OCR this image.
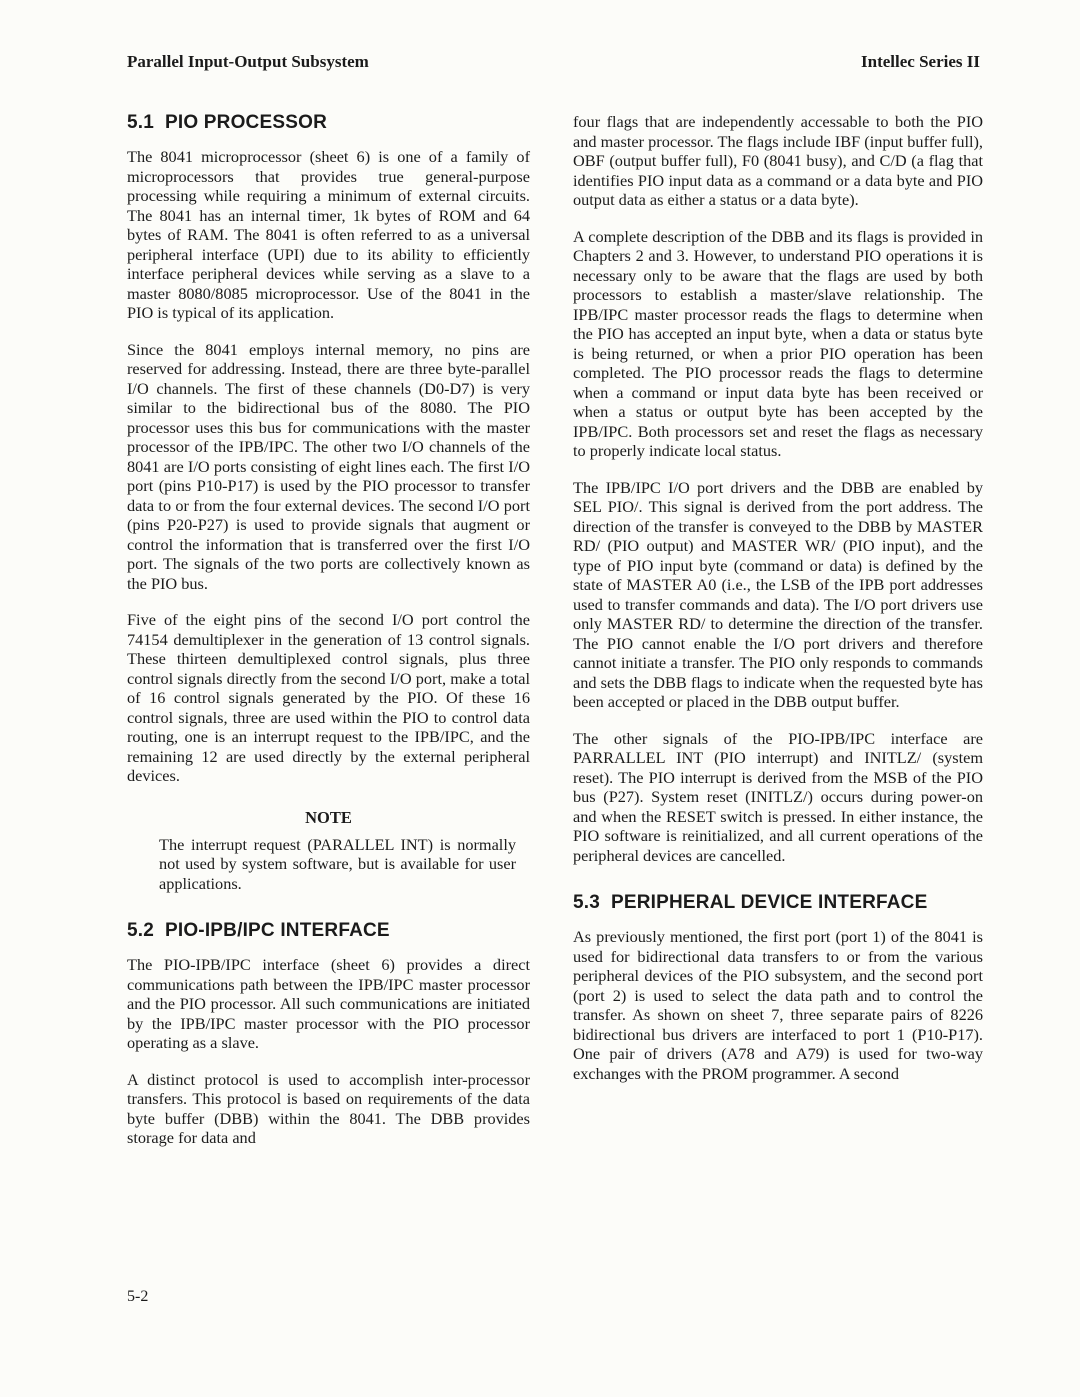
Parallel Input-Output Subsystem	Intellec Series II
5.1  PIO PROCESSOR

The 8041 microprocessor (sheet 6) is one of a family of microprocessors that provides true general-purpose processing while requiring a minimum of external circuits. The 8041 has an internal timer, 1k bytes of ROM and 64 bytes of RAM. The 8041 is often referred to as a universal peripheral interface (UPI) due to its ability to efficiently interface peripheral devices while serving as a slave to a master 8080/8085 microprocessor. Use of the 8041 in the PIO is typical of its application.

Since the 8041 employs internal memory, no pins are reserved for addressing. Instead, there are three byte-parallel I/O channels. The first of these channels (D0-D7) is very similar to the bidirectional bus of the 8080. The PIO processor uses this bus for communications with the master processor of the IPB/IPC. The other two I/O channels of the 8041 are I/O ports consisting of eight lines each. The first I/O port (pins P10-P17) is used by the PIO processor to transfer data to or from the four external devices. The second I/O port (pins P20-P27) is used to provide signals that augment or control the information that is transferred over the first I/O port. The signals of the two ports are collectively known as the PIO bus.

Five of the eight pins of the second I/O port control the 74154 demultiplexer in the generation of 13 control signals. These thirteen demultiplexed control signals, plus three control signals directly from the second I/O port, make a total of 16 control signals generated by the PIO. Of these 16 control signals, three are used within the PIO to control data routing, one is an interrupt request to the IPB/IPC, and the remaining 12 are used directly by the external peripheral devices.

NOTE

The interrupt request (PARALLEL INT) is normally not used by system software, but is available for user applications.

5.2  PIO-IPB/IPC INTERFACE

The PIO-IPB/IPC interface (sheet 6) provides a direct communications path between the IPB/IPC master processor and the PIO processor. All such communications are initiated by the IPB/IPC master processor with the PIO processor operating as a slave.

A distinct protocol is used to accomplish inter-processor transfers. This protocol is based on requirements of the data byte buffer (DBB) within the 8041. The DBB provides storage for data and

four flags that are independently accessable to both the PIO and master processor. The flags include IBF (input buffer full), OBF (output buffer full), F0 (8041 busy), and C/D (a flag that identifies PIO input data as a command or a data byte and PIO output data as either a status or a data byte).

A complete description of the DBB and its flags is provided in Chapters 2 and 3. However, to understand PIO operations it is necessary only to be aware that the flags are used by both processors to establish a master/slave relationship. The IPB/IPC master processor reads the flags to determine when the PIO has accepted an input byte, when a data or status byte is being returned, or when a prior PIO operation has been completed. The PIO processor reads the flags to determine when a command or input data byte has been received or when a status or output byte has been accepted by the IPB/IPC. Both processors set and reset the flags as necessary to properly indicate local status.

The IPB/IPC I/O port drivers and the DBB are enabled by SEL PIO/. This signal is derived from the port address. The direction of the transfer is conveyed to the DBB by MASTER RD/ (PIO output) and MASTER WR/ (PIO input), and the type of PIO input byte (command or data) is defined by the state of MASTER A0 (i.e., the LSB of the IPB port addresses used to transfer commands and data). The I/O port drivers use only MASTER RD/ to determine the direction of the transfer. The PIO cannot enable the I/O port drivers and therefore cannot initiate a transfer. The PIO only responds to commands and sets the DBB flags to indicate when the requested byte has been accepted or placed in the DBB output buffer.

The other signals of the PIO-IPB/IPC interface are PARRALLEL INT (PIO interrupt) and INITLZ/ (system reset). The PIO interrupt is derived from the MSB of the PIO bus (P27). System reset (INITLZ/) occurs during power-on and when the RESET switch is pressed. In either instance, the PIO software is reinitialized, and all current operations of the peripheral devices are cancelled.

5.3  PERIPHERAL DEVICE INTERFACE

As previously mentioned, the first port (port 1) of the 8041 is used for bidirectional data transfers to or from the various peripheral devices of the PIO subsystem, and the second port (port 2) is used to select the data path and to control the transfer. As shown on sheet 7, three separate pairs of 8226 bidirectional bus drivers are interfaced to port 1 (P10-P17). One pair of drivers (A78 and A79) is used for two-way exchanges with the PROM programmer. A second

5-2
